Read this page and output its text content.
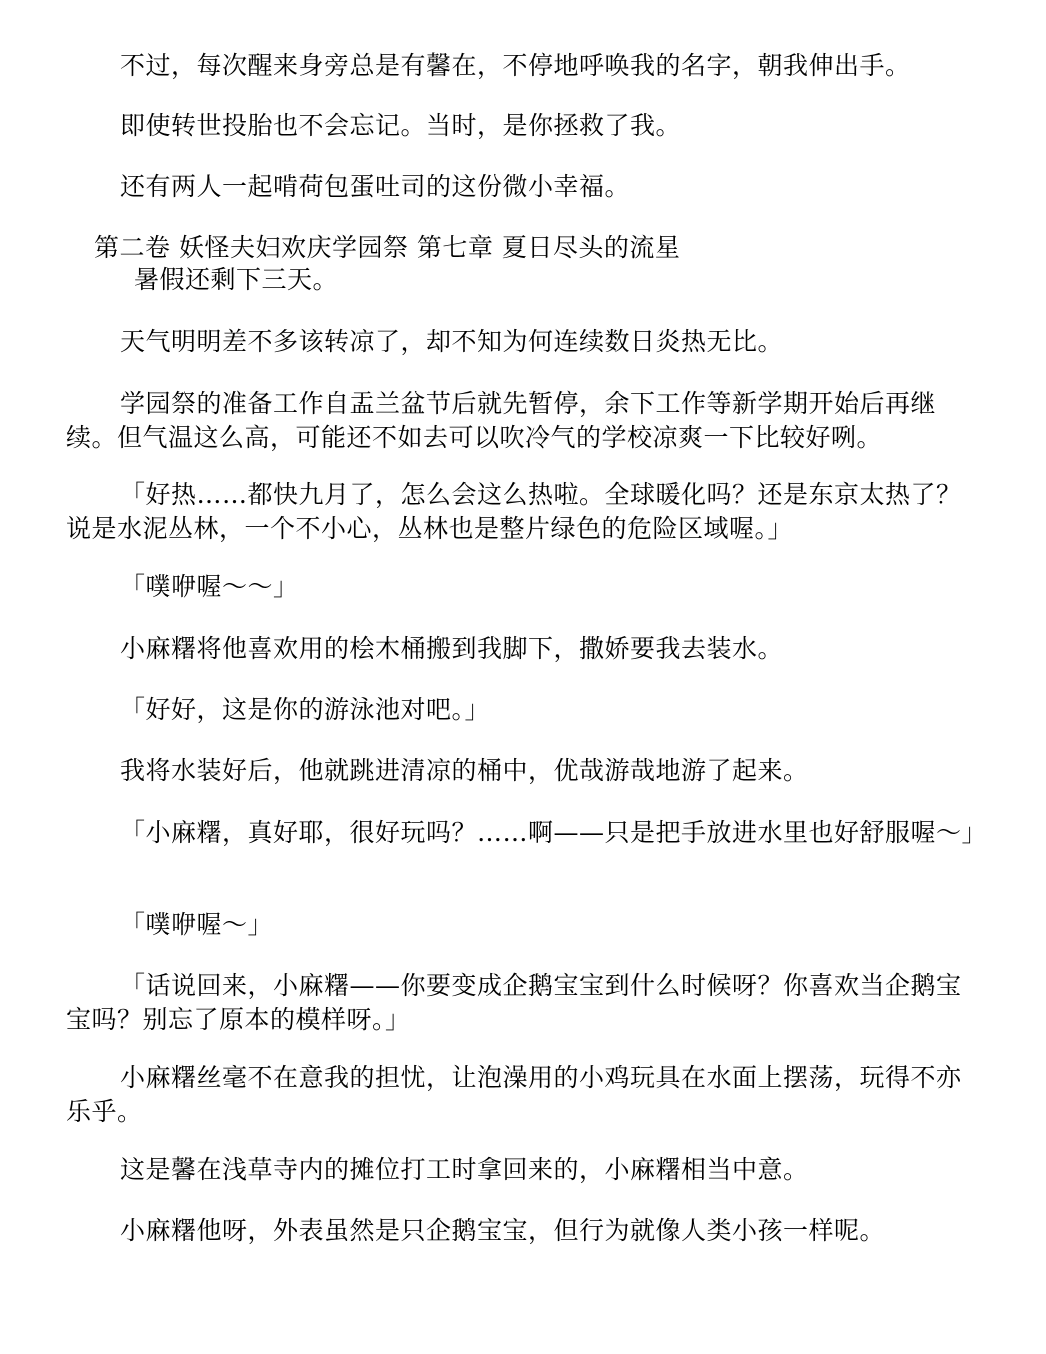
不过，每次醒来身旁总是有馨在，不停地呼唤我的名字，朝我伸出手。

即使转世投胎也不会忘记。当时，是你拯救了我。

还有两人一起啃荷包蛋吐司的这份微小幸福。

第二卷 妖怪夫妇欢庆学园祭 第七章 夏日尽头的流星

暑假还剩下三天。

天气明明差不多该转凉了，却不知为何连续数日炎热无比。

学园祭的准备工作自盂兰盆节后就先暂停，余下工作等新学期开始后再继续。但气温这么高，可能还不如去可以吹冷气的学校凉爽一下比较好咧。

「好热……都快九月了，怎么会这么热啦。全球暖化吗？还是东京太热了？说是水泥丛林，一个不小心，丛林也是整片绿色的危险区域喔。」

「噗咿喔～～」

小麻糬将他喜欢用的桧木桶搬到我脚下，撒娇要我去装水。

「好好，这是你的游泳池对吧。」

我将水装好后，他就跳进清凉的桶中，优哉游哉地游了起来。

「小麻糬，真好耶，很好玩吗？……啊——只是把手放进水里也好舒服喔～」

「噗咿喔～」

「话说回来，小麻糬——你要变成企鹅宝宝到什么时候呀？你喜欢当企鹅宝宝吗？别忘了原本的模样呀。」

小麻糬丝毫不在意我的担忧，让泡澡用的小鸡玩具在水面上摆荡，玩得不亦乐乎。

这是馨在浅草寺内的摊位打工时拿回来的，小麻糬相当中意。

小麻糬他呀，外表虽然是只企鹅宝宝，但行为就像人类小孩一样呢。
